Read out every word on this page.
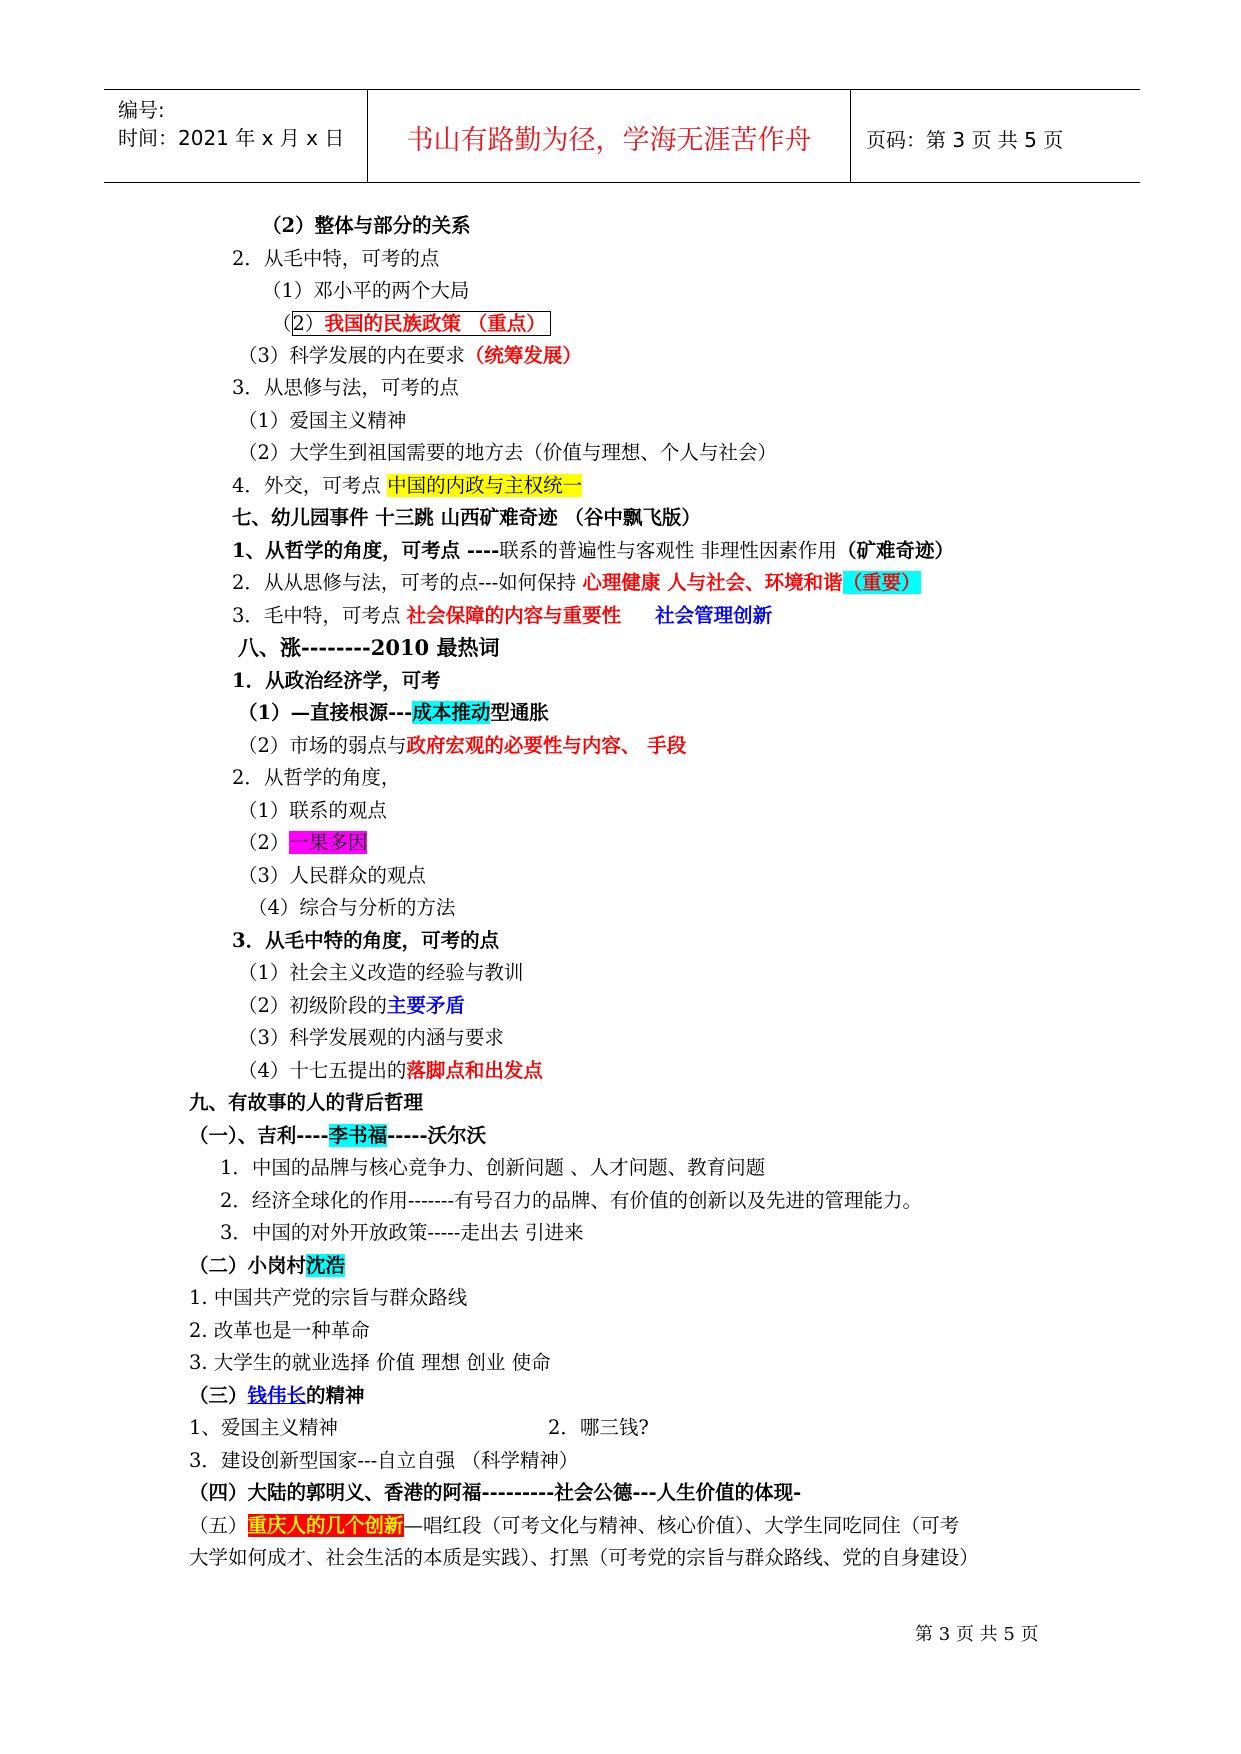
编号:
时间：2021 年 x 月 x 日	书山有路勤为径，学海无涯苦作舟	页码：第 3 页 共 5 页
（2）整体与部分的关系
2．从毛中特，可考的点
（1）邓小平的两个大局
（2）我国的民族政策 （重点）
（3）科学发展的内在要求（统筹发展）
3．从思修与法，可考的点
（1）爱国主义精神
（2）大学生到祖国需要的地方去（价值与理想、个人与社会）
4．外交，可考点 中国的内政与主权统一
七、幼儿园事件 十三跳 山西矿难奇迹 （谷中飘飞版）
1、从哲学的角度，可考点 ----联系的普遍性与客观性 非理性因素作用（矿难奇迹）
2．从从思修与法，可考的点---如何保持 心理健康 人与社会、环境和谐（重要）
3．毛中特，可考点 社会保障的内容与重要性 社会管理创新
八、涨--------2010 最热词
1．从政治经济学，可考
（1）—直接根源---成本推动型通胀
（2）市场的弱点与政府宏观的必要性与内容、 手段
2．从哲学的角度，
（1）联系的观点
（2）一果多因
（3）人民群众的观点
（4）综合与分析的方法
3．从毛中特的角度，可考的点
（1）社会主义改造的经验与教训
（2）初级阶段的主要矛盾
（3）科学发展观的内涵与要求
（4）十七五提出的落脚点和出发点
九、有故事的人的背后哲理
（一）、吉利----李书福-----沃尔沃
1．中国的品牌与核心竞争力、创新问题 、人才问题、教育问题
2．经济全球化的作用-------有号召力的品牌、有价值的创新以及先进的管理能力。
3．中国的对外开放政策-----走出去 引进来
（二）小岗村沈浩
1. 中国共产党的宗旨与群众路线
2. 改革也是一种革命
3. 大学生的就业选择 价值 理想 创业 使命
（三）钱伟长的精神
1、爱国主义精神	2．哪三钱?
3．建设创新型国家---自立自强 （科学精神）
（四）大陆的郭明义、香港的阿福---------社会公德---人生价值的体现-
（五）重庆人的几个创新—唱红段（可考文化与精神、核心价值）、大学生同吃同住（可考
大学如何成才、社会生活的本质是实践）、打黑（可考党的宗旨与群众路线、党的自身建设）
第 3 页 共 5 页
